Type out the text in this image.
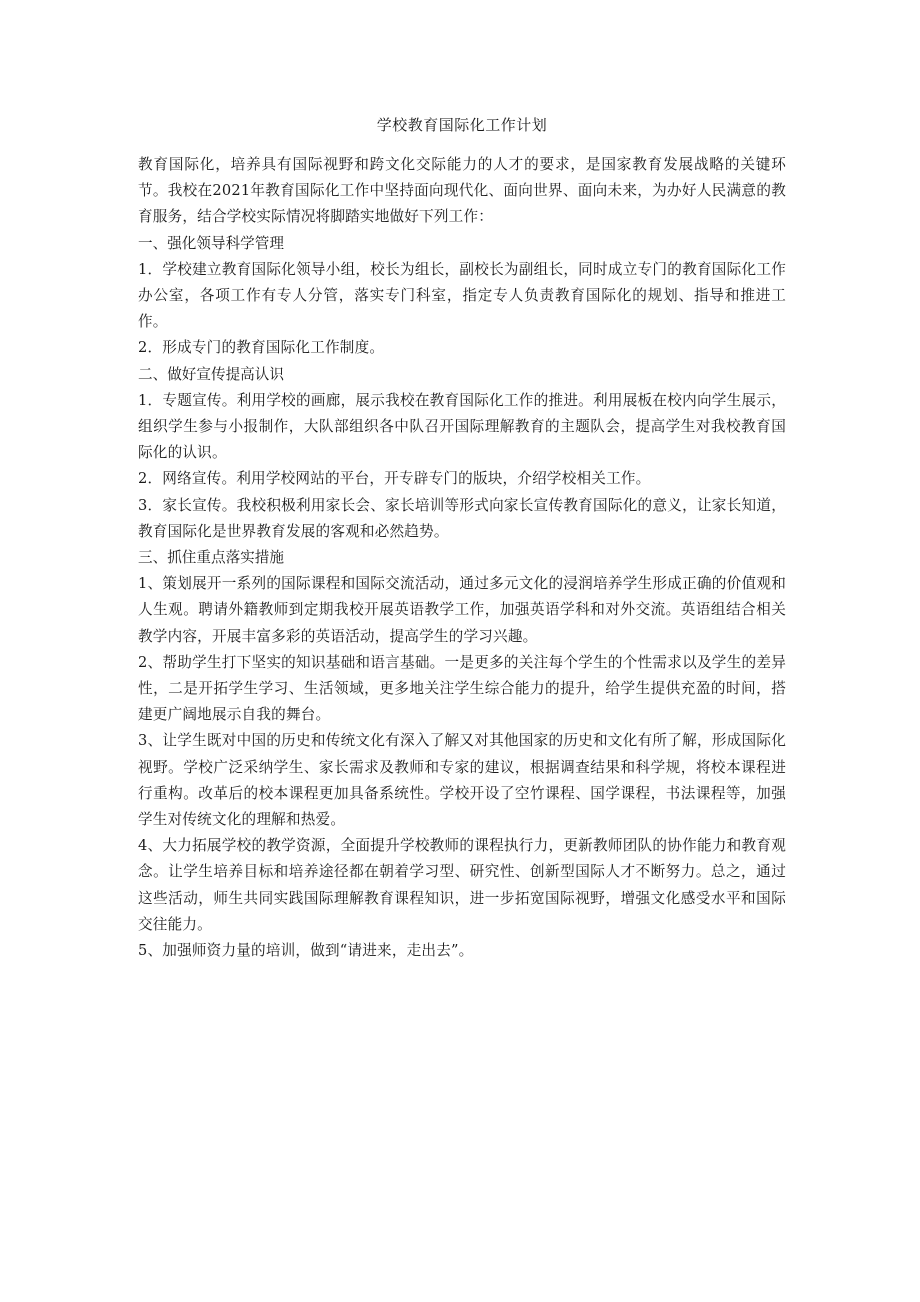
学校教育国际化工作计划

教育国际化，培养具有国际视野和跨文化交际能力的人才的要求，是国家教育发展战略的关键环节。我校在2021年教育国际化工作中坚持面向现代化、面向世界、面向未来，为办好人民满意的教育服务，结合学校实际情况将脚踏实地做好下列工作：

一、强化领导科学管理

1．学校建立教育国际化领导小组，校长为组长，副校长为副组长，同时成立专门的教育国际化工作办公室，各项工作有专人分管，落实专门科室，指定专人负责教育国际化的规划、指导和推进工作。

2．形成专门的教育国际化工作制度。

二、做好宣传提高认识

1．专题宣传。利用学校的画廊，展示我校在教育国际化工作的推进。利用展板在校内向学生展示，组织学生参与小报制作，大队部组织各中队召开国际理解教育的主题队会，提高学生对我校教育国际化的认识。

2．网络宣传。利用学校网站的平台，开专辟专门的版块，介绍学校相关工作。

3．家长宣传。我校积极利用家长会、家长培训等形式向家长宣传教育国际化的意义，让家长知道，教育国际化是世界教育发展的客观和必然趋势。

三、抓住重点落实措施

1、策划展开一系列的国际课程和国际交流活动，通过多元文化的浸润培养学生形成正确的价值观和人生观。聘请外籍教师到定期我校开展英语教学工作，加强英语学科和对外交流。英语组结合相关教学内容，开展丰富多彩的英语活动，提高学生的学习兴趣。

2、帮助学生打下坚实的知识基础和语言基础。一是更多的关注每个学生的个性需求以及学生的差异性，二是开拓学生学习、生活领域，更多地关注学生综合能力的提升，给学生提供充盈的时间，搭建更广阔地展示自我的舞台。

3、让学生既对中国的历史和传统文化有深入了解又对其他国家的历史和文化有所了解，形成国际化视野。学校广泛采纳学生、家长需求及教师和专家的建议，根据调查结果和科学规，将校本课程进行重构。改革后的校本课程更加具备系统性。学校开设了空竹课程、国学课程，书法课程等，加强学生对传统文化的理解和热爱。

4、大力拓展学校的教学资源，全面提升学校教师的课程执行力，更新教师团队的协作能力和教育观念。让学生培养目标和培养途径都在朝着学习型、研究性、创新型国际人才不断努力。总之，通过这些活动，师生共同实践国际理解教育课程知识，进一步拓宽国际视野，增强文化感受水平和国际交往能力。

5、加强师资力量的培训，做到“请进来，走出去”。
